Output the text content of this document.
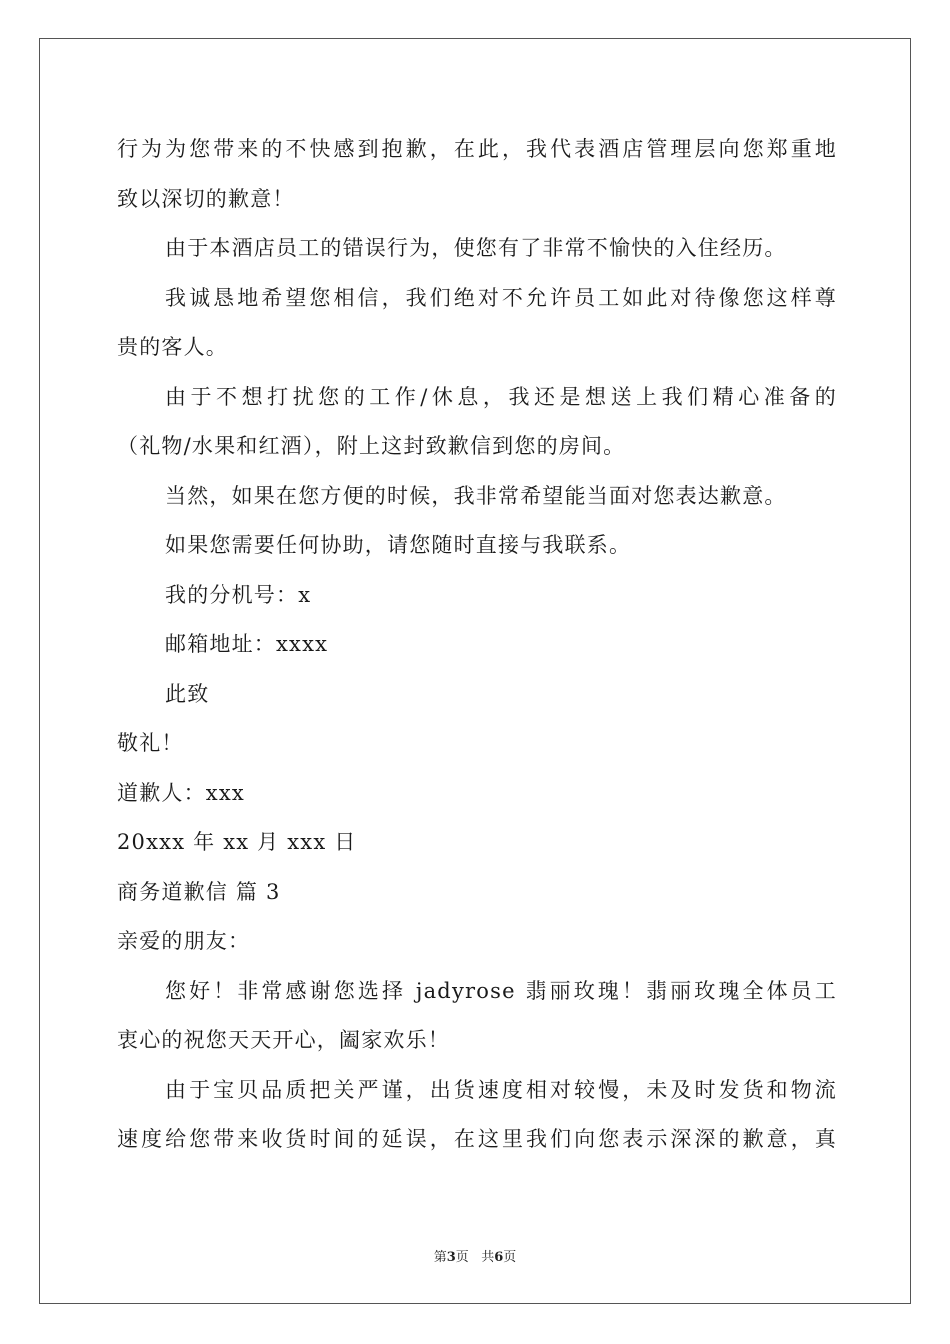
行为为您带来的不快感到抱歉，在此，我代表酒店管理层向您郑重地
致以深切的歉意！
由于本酒店员工的错误行为，使您有了非常不愉快的入住经历。
我诚恳地希望您相信，我们绝对不允许员工如此对待像您这样尊
贵的客人。
由于不想打扰您的工作/休息，我还是想送上我们精心准备的
（礼物/水果和红酒），附上这封致歉信到您的房间。
当然，如果在您方便的时候，我非常希望能当面对您表达歉意。
如果您需要任何协助，请您随时直接与我联系。
我的分机号：x
邮箱地址：xxxx
此致
敬礼！
道歉人：xxx
20xxx 年 xx 月 xxx 日
商务道歉信 篇 3
亲爱的朋友：
您好！非常感谢您选择 jadyrose 翡丽玫瑰！翡丽玫瑰全体员工
衷心的祝您天天开心，阖家欢乐！
由于宝贝品质把关严谨，出货速度相对较慢，未及时发货和物流
速度给您带来收货时间的延误，在这里我们向您表示深深的歉意，真
第3页 共6页
